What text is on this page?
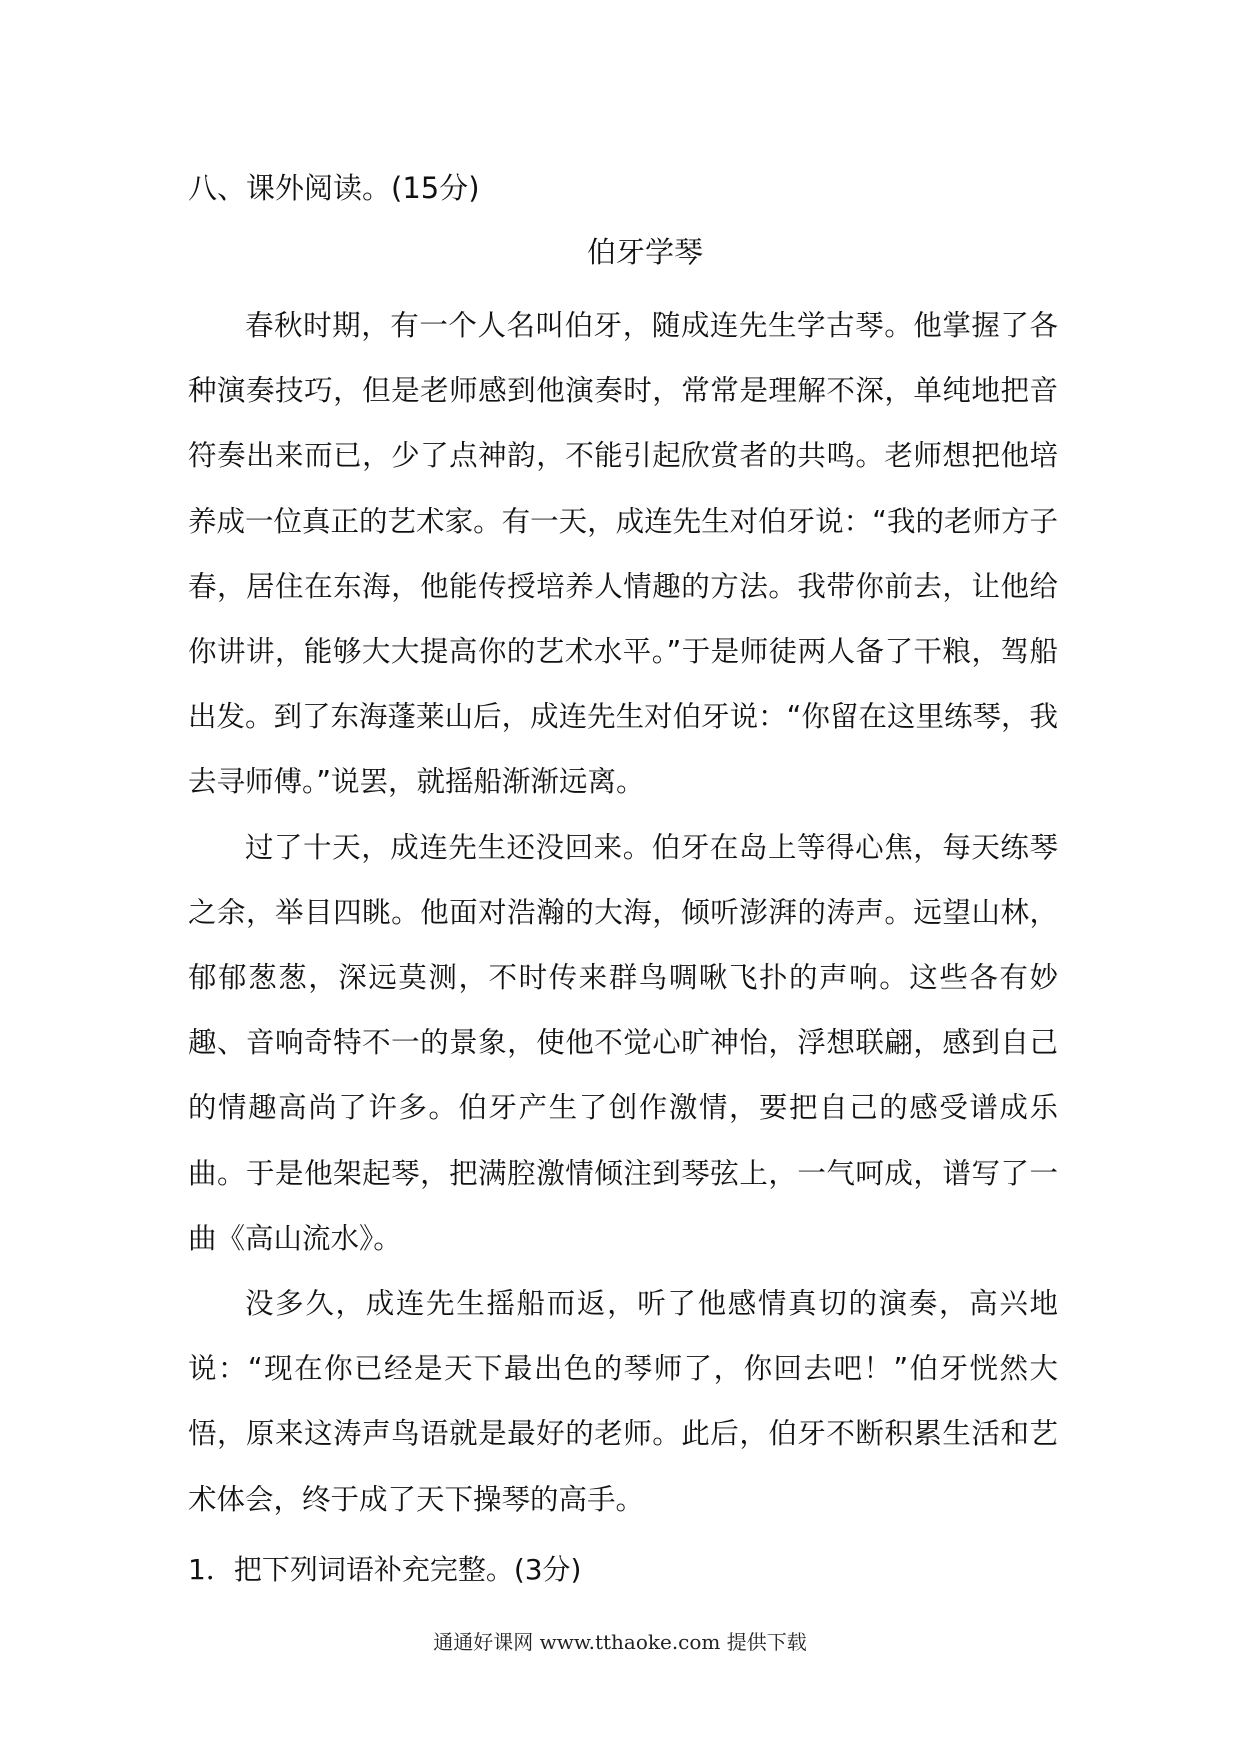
八、课外阅读。(15分)
伯牙学琴

春秋时期，有一个人名叫伯牙，随成连先生学古琴。他掌握了各种演奏技巧，但是老师感到他演奏时，常常是理解不深，单纯地把音符奏出来而已，少了点神韵，不能引起欣赏者的共鸣。老师想把他培养成一位真正的艺术家。有一天，成连先生对伯牙说：“我的老师方子春，居住在东海，他能传授培养人情趣的方法。我带你前去，让他给你讲讲，能够大大提高你的艺术水平。”于是师徒两人备了干粮，驾船出发。到了东海蓬莱山后，成连先生对伯牙说：“你留在这里练琴，我去寻师傅。”说罢，就摇船渐渐远离。

过了十天，成连先生还没回来。伯牙在岛上等得心焦，每天练琴之余，举目四眺。他面对浩瀚的大海，倾听澎湃的涛声。远望山林，郁郁葱葱，深远莫测，不时传来群鸟啁啾飞扑的声响。这些各有妙趣、音响奇特不一的景象，使他不觉心旷神怡，浮想联翩，感到自己的情趣高尚了许多。伯牙产生了创作激情，要把自己的感受谱成乐曲。于是他架起琴，把满腔激情倾注到琴弦上，一气呵成，谱写了一曲《高山流水》。

没多久，成连先生摇船而返，听了他感情真切的演奏，高兴地说：“现在你已经是天下最出色的琴师了，你回去吧！”伯牙恍然大悟，原来这涛声鸟语就是最好的老师。此后，伯牙不断积累生活和艺术体会，终于成了天下操琴的高手。

1．把下列词语补充完整。(3分)
通通好课网 www.tthaoke.com 提供下载
